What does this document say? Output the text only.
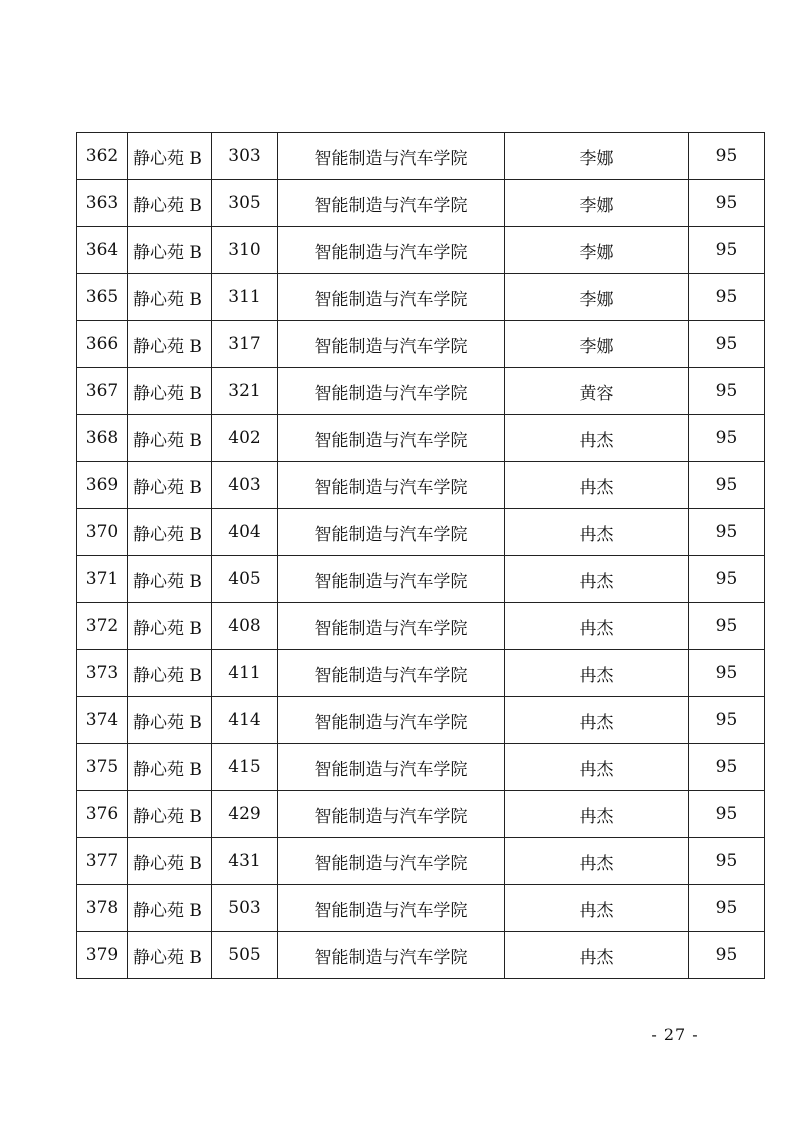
362	静心苑 B	303	智能制造与汽车学院	李娜	95
363	静心苑 B	305	智能制造与汽车学院	李娜	95
364	静心苑 B	310	智能制造与汽车学院	李娜	95
365	静心苑 B	311	智能制造与汽车学院	李娜	95
366	静心苑 B	317	智能制造与汽车学院	李娜	95
367	静心苑 B	321	智能制造与汽车学院	黄容	95
368	静心苑 B	402	智能制造与汽车学院	冉杰	95
369	静心苑 B	403	智能制造与汽车学院	冉杰	95
370	静心苑 B	404	智能制造与汽车学院	冉杰	95
371	静心苑 B	405	智能制造与汽车学院	冉杰	95
372	静心苑 B	408	智能制造与汽车学院	冉杰	95
373	静心苑 B	411	智能制造与汽车学院	冉杰	95
374	静心苑 B	414	智能制造与汽车学院	冉杰	95
375	静心苑 B	415	智能制造与汽车学院	冉杰	95
376	静心苑 B	429	智能制造与汽车学院	冉杰	95
377	静心苑 B	431	智能制造与汽车学院	冉杰	95
378	静心苑 B	503	智能制造与汽车学院	冉杰	95
379	静心苑 B	505	智能制造与汽车学院	冉杰	95
- 27 -
